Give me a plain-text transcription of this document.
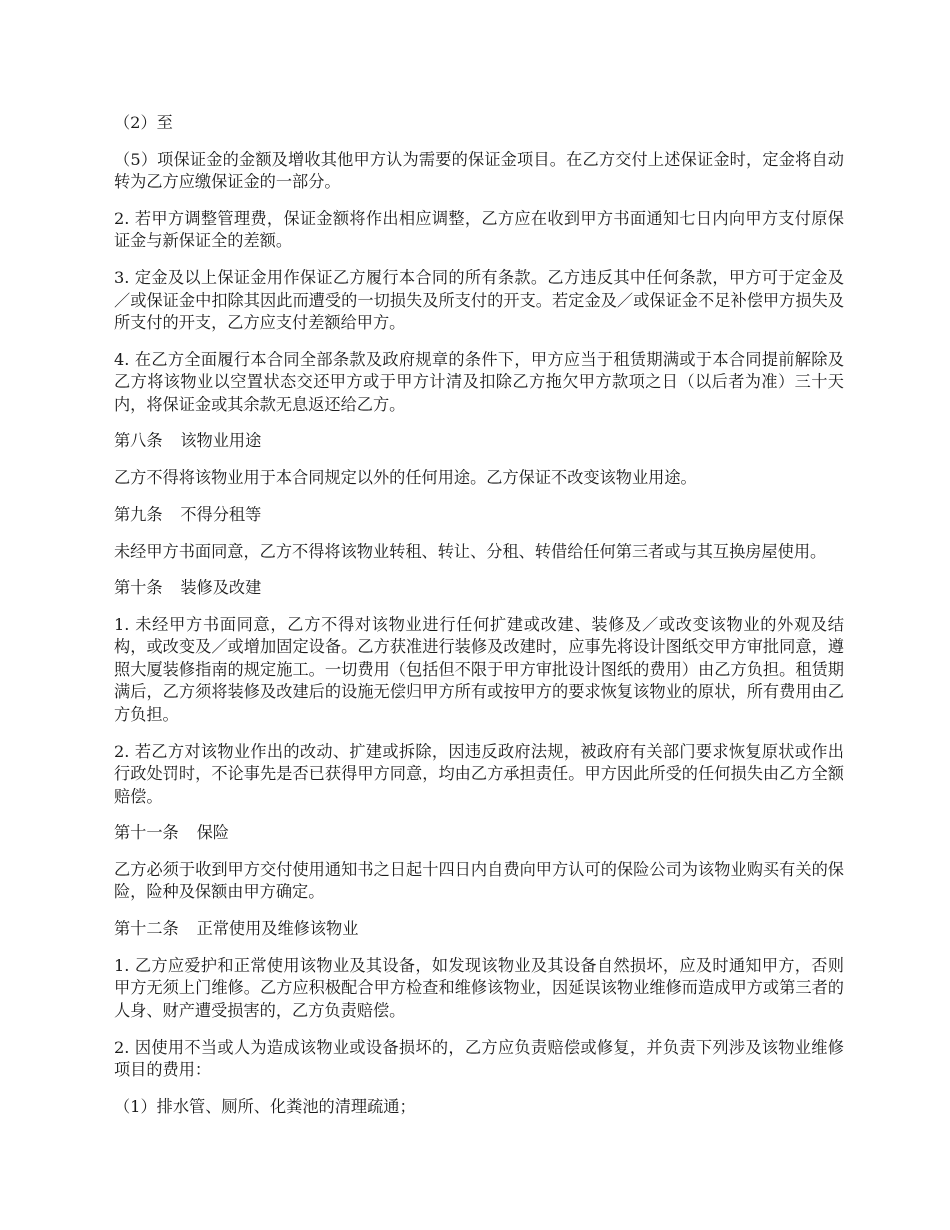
（2）至

（5）项保证金的金额及增收其他甲方认为需要的保证金项目。在乙方交付上述保证金时，定金将自动转为乙方应缴保证金的一部分。

2. 若甲方调整管理费，保证金额将作出相应调整，乙方应在收到甲方书面通知七日内向甲方支付原保证金与新保证全的差额。

3. 定金及以上保证金用作保证乙方履行本合同的所有条款。乙方违反其中任何条款，甲方可于定金及／或保证金中扣除其因此而遭受的一切损失及所支付的开支。若定金及／或保证金不足补偿甲方损失及所支付的开支，乙方应支付差额给甲方。

4. 在乙方全面履行本合同全部条款及政府规章的条件下，甲方应当于租赁期满或于本合同提前解除及乙方将该物业以空置状态交还甲方或于甲方计清及扣除乙方拖欠甲方款项之日（以后者为准）三十天内，将保证金或其余款无息返还给乙方。

第八条 该物业用途

乙方不得将该物业用于本合同规定以外的任何用途。乙方保证不改变该物业用途。

第九条 不得分租等

未经甲方书面同意，乙方不得将该物业转租、转让、分租、转借给任何第三者或与其互换房屋使用。

第十条 装修及改建

1. 未经甲方书面同意，乙方不得对该物业进行任何扩建或改建、装修及／或改变该物业的外观及结构，或改变及／或增加固定设备。乙方获准进行装修及改建时，应事先将设计图纸交甲方审批同意，遵照大厦装修指南的规定施工。一切费用（包括但不限于甲方审批设计图纸的费用）由乙方负担。租赁期满后，乙方须将装修及改建后的设施无偿归甲方所有或按甲方的要求恢复该物业的原状，所有费用由乙方负担。

2. 若乙方对该物业作出的改动、扩建或拆除，因违反政府法规，被政府有关部门要求恢复原状或作出行政处罚时，不论事先是否已获得甲方同意，均由乙方承担责任。甲方因此所受的任何损失由乙方全额赔偿。

第十一条 保险

乙方必须于收到甲方交付使用通知书之日起十四日内自费向甲方认可的保险公司为该物业购买有关的保险，险种及保额由甲方确定。

第十二条 正常使用及维修该物业

1. 乙方应爱护和正常使用该物业及其设备，如发现该物业及其设备自然损坏，应及时通知甲方，否则甲方无须上门维修。乙方应积极配合甲方检查和维修该物业，因延误该物业维修而造成甲方或第三者的人身、财产遭受损害的，乙方负责赔偿。

2. 因使用不当或人为造成该物业或设备损坏的，乙方应负责赔偿或修复，并负责下列涉及该物业维修项目的费用：

（1）排水管、厕所、化粪池的清理疏通；
